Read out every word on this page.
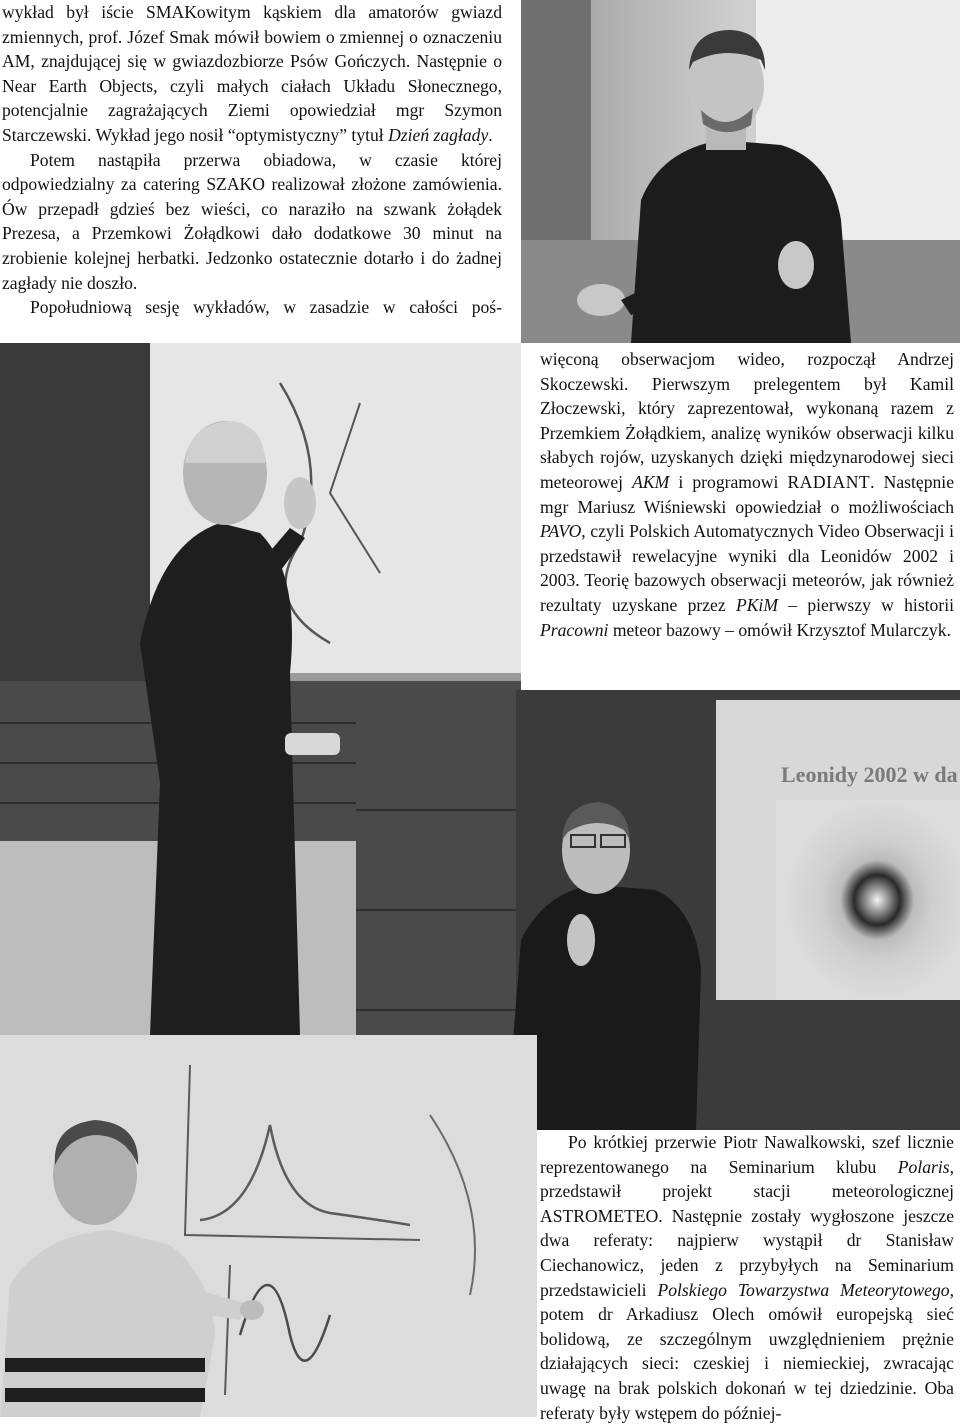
wykład był iście SMAKowitym kąskiem dla amatorów gwiazd zmiennych, prof. Józef Smak mówił bowiem o zmiennej o oznaczeniu AM, znajdującej się w gwiazdozbiorze Psów Gończych. Następnie o Near Earth Objects, czyli małych ciałach Układu Słonecznego, potencjalnie zagrażających Ziemi opowiedział mgr Szymon Starczewski. Wykład jego nosił “optymistyczny” tytuł Dzień zagłady.

Potem nastąpiła przerwa obiadowa, w czasie której odpowiedzialny za catering SZAKO realizował złożone zamówienia. Ów przepadł gdzieś bez wieści, co naraziło na szwank żołądek Prezesa, a Przemkowi Żołądkowi dało dodatkowe 30 minut na zrobienie kolejnej herbatki. Jedzonko ostatecznie dotarło i do żadnej zagłady nie doszło.

Popołudniową sesję wykładów, w zasadzie w całości poś-

więconą obserwacjom wideo, rozpoczął Andrzej Skoczewski. Pierwszym prelegentem był Kamil Złoczewski, który zaprezentował, wykonaną razem z Przemkiem Żołądkiem, analizę wyników obserwacji kilku słabych rojów, uzyskanych dzięki międzynarodowej sieci meteorowej AKM i programowi RADIANT. Następnie mgr Mariusz Wiśniewski opowiedział o możliwościach PAVO, czyli Polskich Automatycznych Video Obserwacji i przedstawił rewelacyjne wyniki dla Leonidów 2002 i 2003. Teorię bazowych obserwacji meteorów, jak również rezultaty uzyskane przez PKiM – pierwszy w historii Pracowni meteor bazowy – omówił Krzysztof Mularczyk.

Po krótkiej przerwie Piotr Nawalkowski, szef licznie reprezentowanego na Seminarium klubu Polaris, przedstawił projekt stacji meteorologicznej ASTROMETEO. Następnie zostały wygłoszone jeszcze dwa referaty: najpierw wystąpił dr Stanisław Ciechanowicz, jeden z przybyłych na Seminarium przedstawicieli Polskiego Towarzystwa Meteorytowego, potem dr Arkadiusz Olech omówił europejską sieć bolidową, ze szczególnym uwzględnieniem prężnie działających sieci: czeskiej i niemieckiej, zwracając uwagę na brak polskich dokonań w tej dziedzinie. Oba referaty były wstępem do później-

Leonidy 2002 w da
